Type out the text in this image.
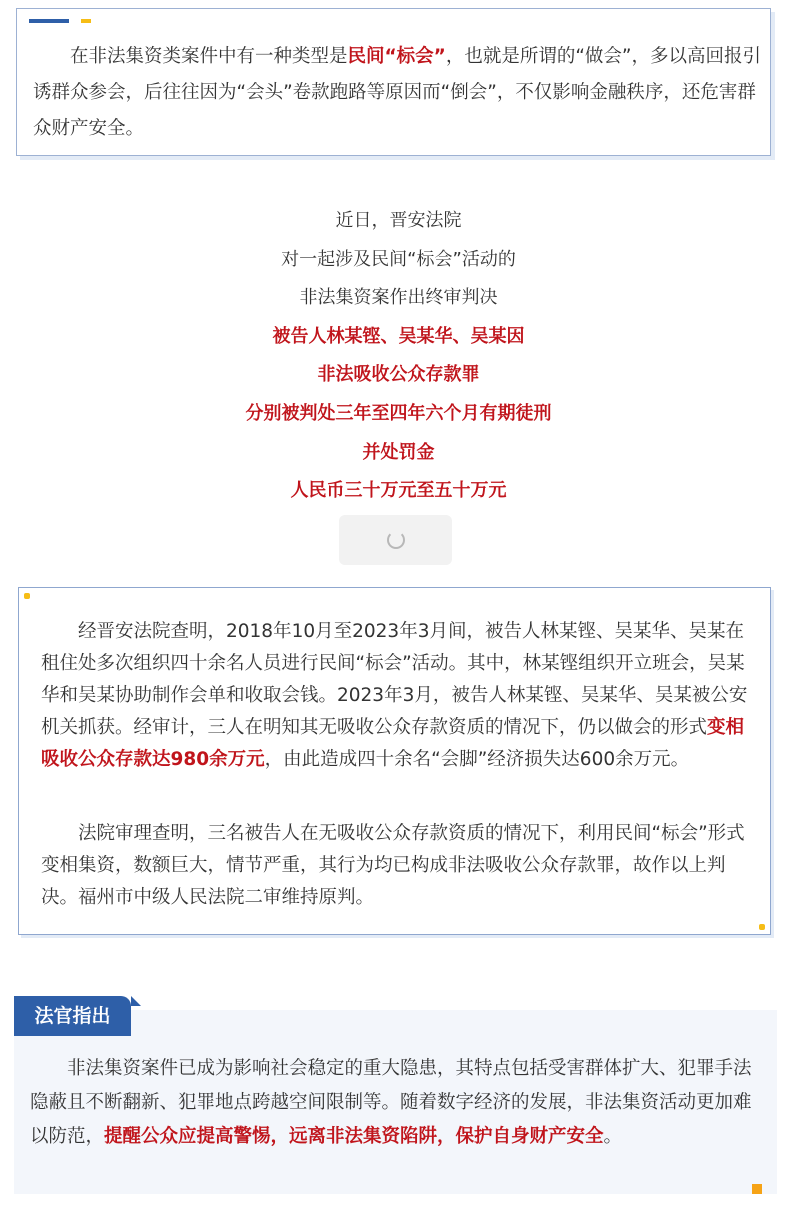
在非法集资类案件中有一种类型是民间“标会”，也就是所谓的“做会”，多以高回报引诱群众参会，后往往因为“会头”卷款跑路等原因而“倒会”，不仅影响金融秩序，还危害群众财产安全。
近日，晋安法院
对一起涉及民间“标会”活动的
非法集资案作出终审判决
被告人林某铿、吴某华、吴某因
非法吸收公众存款罪
分别被判处三年至四年六个月有期徒刑
并处罚金
人民币三十万元至五十万元
经晋安法院查明，2018年10月至2023年3月间，被告人林某铿、吴某华、吴某在租住处多次组织四十余名人员进行民间“标会”活动。其中，林某铿组织开立班会，吴某华和吴某协助制作会单和收取会钱。2023年3月，被告人林某铿、吴某华、吴某被公安机关抓获。经审计，三人在明知其无吸收公众存款资质的情况下，仍以做会的形式变相吸收公众存款达980余万元，由此造成四十余名“会脚”经济损失达600余万元。
法院审理查明，三名被告人在无吸收公众存款资质的情况下，利用民间“标会”形式变相集资，数额巨大，情节严重，其行为均已构成非法吸收公众存款罪，故作以上判决。福州市中级人民法院二审维持原判。
法官指出
非法集资案件已成为影响社会稳定的重大隐患，其特点包括受害群体扩大、犯罪手法隐蔽且不断翻新、犯罪地点跨越空间限制等。随着数字经济的发展，非法集资活动更加难以防范，提醒公众应提高警惕，远离非法集资陷阱，保护自身财产安全。
